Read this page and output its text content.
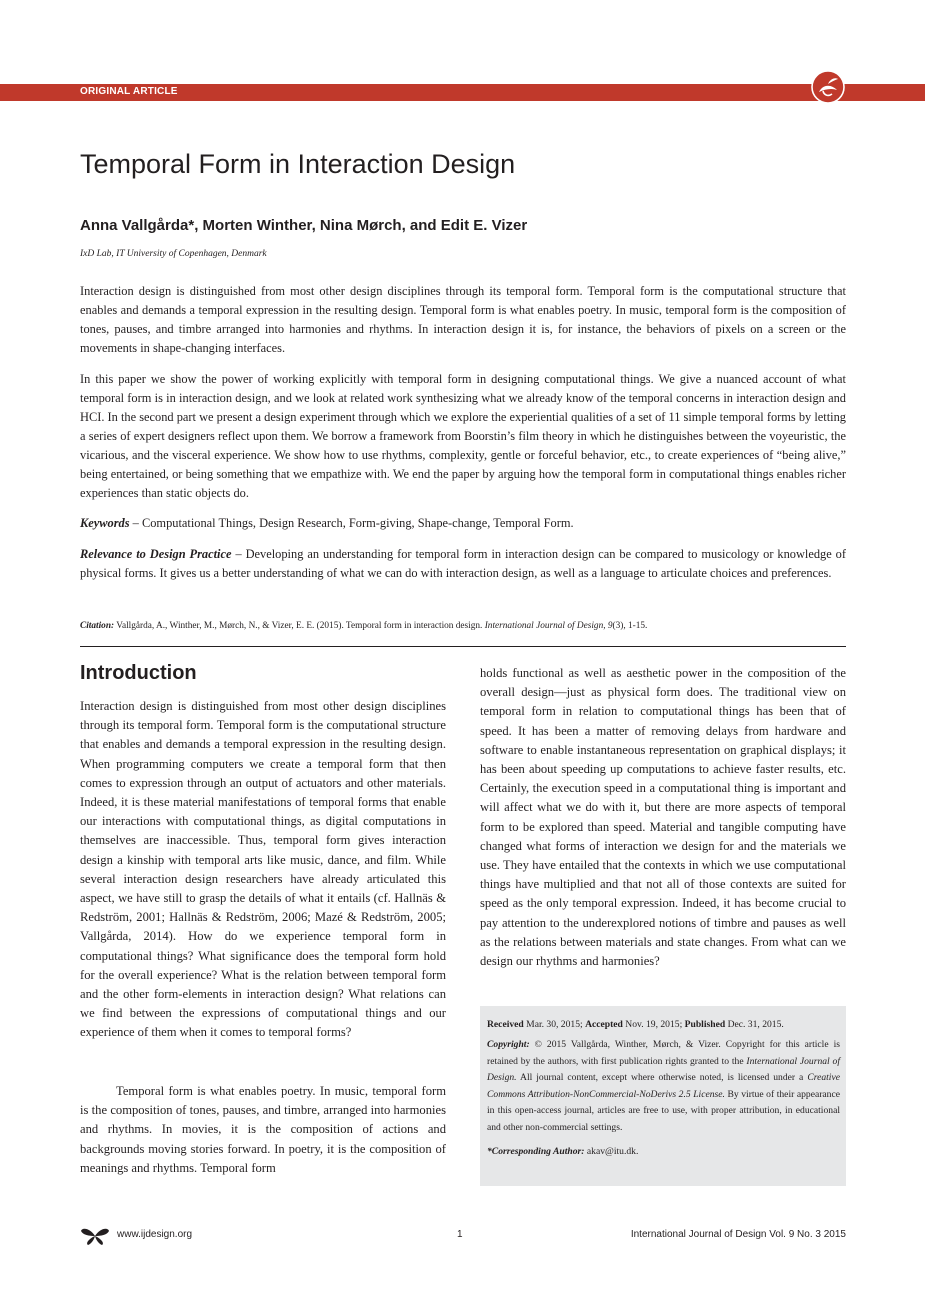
ORIGINAL ARTICLE
Temporal Form in Interaction Design
Anna Vallgårda*, Morten Winther, Nina Mørch, and Edit E. Vizer
IxD Lab, IT University of Copenhagen, Denmark

Interaction design is distinguished from most other design disciplines through its temporal form. Temporal form is the computational structure that enables and demands a temporal expression in the resulting design. Temporal form is what enables poetry. In music, temporal form is the composition of tones, pauses, and timbre arranged into harmonies and rhythms. In interaction design it is, for instance, the behaviors of pixels on a screen or the movements in shape-changing interfaces.

In this paper we show the power of working explicitly with temporal form in designing computational things. We give a nuanced account of what temporal form is in interaction design, and we look at related work synthesizing what we already know of the temporal concerns in interaction design and HCI. In the second part we present a design experiment through which we explore the experiential qualities of a set of 11 simple temporal forms by letting a series of expert designers reflect upon them. We borrow a framework from Boorstin’s film theory in which he distinguishes between the voyeuristic, the vicarious, and the visceral experience. We show how to use rhythms, complexity, gentle or forceful behavior, etc., to create experiences of “being alive,” being entertained, or being something that we empathize with. We end the paper by arguing how the temporal form in computational things enables richer experiences than static objects do.

Keywords – Computational Things, Design Research, Form-giving, Shape-change, Temporal Form.

Relevance to Design Practice – Developing an understanding for temporal form in interaction design can be compared to musicology or knowledge of physical forms. It gives us a better understanding of what we can do with interaction design, as well as a language to articulate choices and preferences.

Citation: Vallgårda, A., Winther, M., Mørch, N., & Vizer, E. E. (2015). Temporal form in interaction design. International Journal of Design, 9(3), 1-15.
Introduction

Interaction design is distinguished from most other design disciplines through its temporal form. Temporal form is the computational structure that enables and demands a temporal expression in the resulting design. When programming computers we create a temporal form that then comes to expression through an output of actuators and other materials. Indeed, it is these material manifestations of temporal forms that enable our interactions with computational things, as digital computations in themselves are inaccessible. Thus, temporal form gives interaction design a kinship with temporal arts like music, dance, and film. While several interaction design researchers have already articulated this aspect, we have still to grasp the details of what it entails (cf. Hallnäs & Redström, 2001; Hallnäs & Redström, 2006; Mazé & Redström, 2005; Vallgårda, 2014). How do we experience temporal form in computational things? What significance does the temporal form hold for the overall experience? What is the relation between temporal form and the other form-elements in interaction design? What relations can we find between the expressions of computational things and our experience of them when it comes to temporal forms?

Temporal form is what enables poetry. In music, temporal form is the composition of tones, pauses, and timbre, arranged into harmonies and rhythms. In movies, it is the composition of actions and backgrounds moving stories forward. In poetry, it is the composition of meanings and rhythms. Temporal form

holds functional as well as aesthetic power in the composition of the overall design—just as physical form does. The traditional view on temporal form in relation to computational things has been that of speed. It has been a matter of removing delays from hardware and software to enable instantaneous representation on graphical displays; it has been about speeding up computations to achieve faster results, etc. Certainly, the execution speed in a computational thing is important and will affect what we do with it, but there are more aspects of temporal form to be explored than speed. Material and tangible computing have changed what forms of interaction we design for and the materials we use. They have entailed that the contexts in which we use computational things have multiplied and that not all of those contexts are suited for speed as the only temporal expression. Indeed, it has become crucial to pay attention to the underexplored notions of timbre and pauses as well as the relations between materials and state changes. From what can we design our rhythms and harmonies?

Received Mar. 30, 2015; Accepted Nov. 19, 2015; Published Dec. 31, 2015.

Copyright: © 2015 Vallgårda, Winther, Mørch, & Vizer. Copyright for this article is retained by the authors, with first publication rights granted to the International Journal of Design. All journal content, except where otherwise noted, is licensed under a Creative Commons Attribution-NonCommercial-NoDerivs 2.5 License. By virtue of their appearance in this open-access journal, articles are free to use, with proper attribution, in educational and other non-commercial settings.

*Corresponding Author: akav@itu.dk.

www.ijdesign.org	1	International Journal of Design Vol. 9 No. 3 2015
